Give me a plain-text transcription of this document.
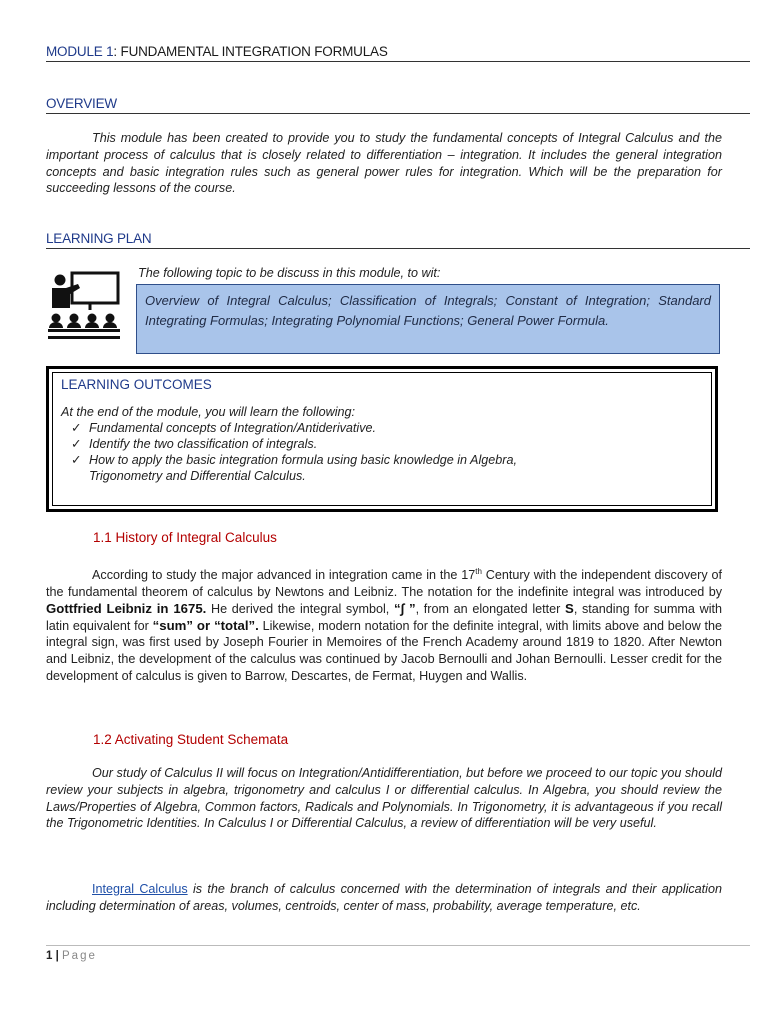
MODULE 1: FUNDAMENTAL INTEGRATION FORMULAS
OVERVIEW
This module has been created to provide you to study the fundamental concepts of Integral Calculus and the important process of calculus that is closely related to differentiation – integration. It includes the general integration concepts and basic integration rules such as general power rules for integration. Which will be the preparation for succeeding lessons of the course.
LEARNING PLAN
The following topic to be discuss in this module, to wit:
Overview of Integral Calculus; Classification of Integrals; Constant of Integration; Standard Integrating Formulas; Integrating Polynomial Functions; General Power Formula.
LEARNING OUTCOMES
At the end of the module, you will learn the following:
✓ Fundamental concepts of Integration/Antiderivative.
✓ Identify the two classification of integrals.
✓ How to apply the basic integration formula using basic knowledge in Algebra,
Trigonometry and Differential Calculus.
1.1 History of Integral Calculus
According to study the major advanced in integration came in the 17th Century with the independent discovery of the fundamental theorem of calculus by Newtons and Leibniz. The notation for the indefinite integral was introduced by Gottfried Leibniz in 1675. He derived the integral symbol, “∫ ”, from an elongated letter S, standing for summa with latin equivalent for “sum” or “total”. Likewise, modern notation for the definite integral, with limits above and below the integral sign, was first used by Joseph Fourier in Memoires of the French Academy around 1819 to 1820. After Newton and Leibniz, the development of the calculus was continued by Jacob Bernoulli and Johan Bernoulli. Lesser credit for the development of calculus is given to Barrow, Descartes, de Fermat, Huygen and Wallis.
1.2 Activating Student Schemata
Our study of Calculus II will focus on Integration/Antidifferentiation, but before we proceed to our topic you should review your subjects in algebra, trigonometry and calculus I or differential calculus. In Algebra, you should review the Laws/Properties of Algebra, Common factors, Radicals and Polynomials. In Trigonometry, it is advantageous if you recall the Trigonometric Identities. In Calculus I or Differential Calculus, a review of differentiation will be very useful.
Integral Calculus is the branch of calculus concerned with the determination of integrals and their application including determination of areas, volumes, centroids, center of mass, probability, average temperature, etc.
1 | Page
